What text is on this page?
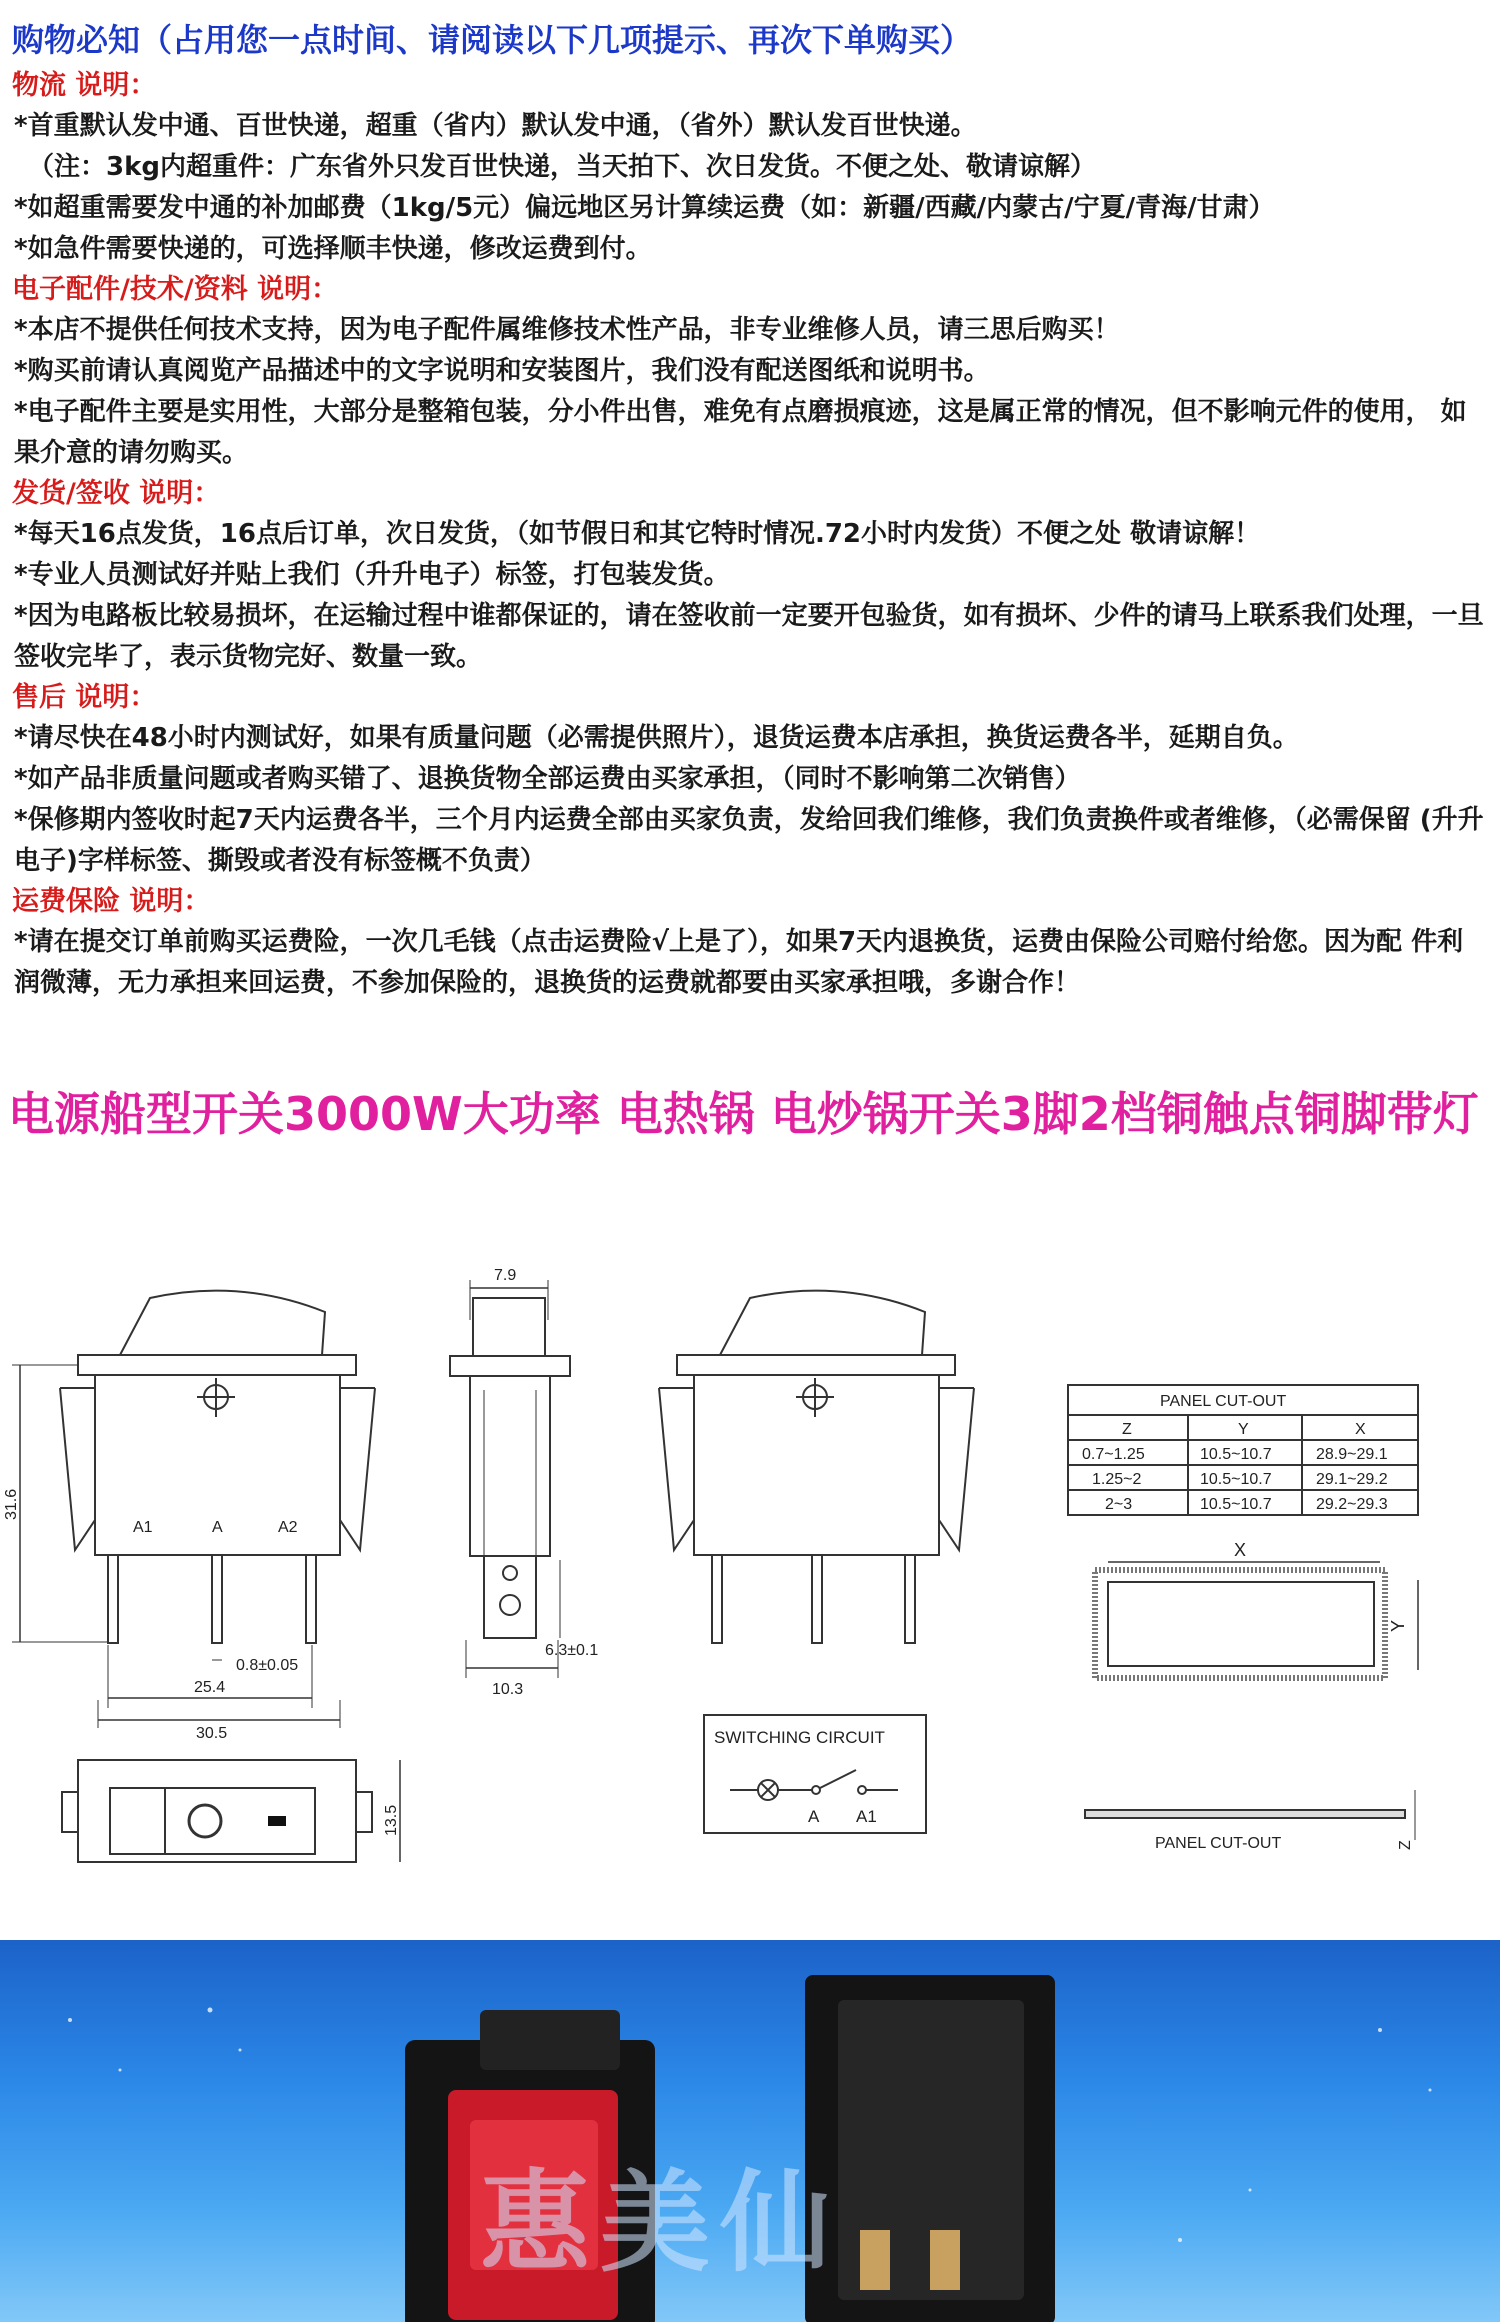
购物必知（占用您一点时间、请阅读以下几项提示、再次下单购买）

物流 说明：

*首重默认发中通、百世快递，超重（省内）默认发中通，（省外）默认发百世快递。

（注：3kg内超重件：广东省外只发百世快递，当天拍下、次日发货。不便之处、敬请谅解）

*如超重需要发中通的补加邮费（1kg/5元）偏远地区另计算续运费（如：新疆/西藏/内蒙古/宁夏/青海/甘肃）

*如急件需要快递的，可选择顺丰快递，修改运费到付。

电子配件/技术/资料 说明：

*本店不提供任何技术支持，因为电子配件属维修技术性产品，非专业维修人员，请三思后购买！

*购买前请认真阅览产品描述中的文字说明和安装图片，我们没有配送图纸和说明书。

*电子配件主要是实用性，大部分是整箱包装，分小件出售，难免有点磨损痕迹，这是属正常的情况，但不影响元件的使用， 如果介意的请勿购买。

发货/签收 说明：

*每天16点发货，16点后订单，次日发货，（如节假日和其它特时情况.72小时内发货）不便之处 敬请谅解！

*专业人员测试好并贴上我们（升升电子）标签，打包装发货。

*因为电路板比较易损坏，在运输过程中谁都保证的，请在签收前一定要开包验货，如有损坏、少件的请马上联系我们处理，一旦签收完毕了，表示货物完好、数量一致。

售后 说明：

*请尽快在48小时内测试好，如果有质量问题（必需提供照片），退货运费本店承担，换货运费各半，延期自负。

*如产品非质量问题或者购买错了、退换货物全部运费由买家承担，（同时不影响第二次销售）

*保修期内签收时起7天内运费各半，三个月内运费全部由买家负责，发给回我们维修，我们负责换件或者维修，（必需保留 (升升电子)字样标签、撕毁或者没有标签概不负责）

运费保险 说明：

*请在提交订单前购买运费险，一次几毛钱（点击运费险√上是了），如果7天内退换货，运费由保险公司赔付给您。因为配 件利润微薄，无力承担来回运费，不参加保险的，退换货的运费就都要由买家承担哦，多谢合作！

电源船型开关3000W大功率 电热锅 电炒锅开关3脚2档铜触点铜脚带灯

A1	A	A2
31.6
0.8±0.05
25.4
30.5
7.9
6.3±0.1
10.3
PANEL CUT-OUT
Z	Y	X
0.7~1.25	10.5~10.7	28.9~29.1
1.25~2	10.5~10.7	29.1~29.2
2~3	10.5~10.7	29.2~29.3
X
Y
PANEL CUT-OUT	Z
SWITCHING CIRCUIT
A A1
13.5
惠美仙
